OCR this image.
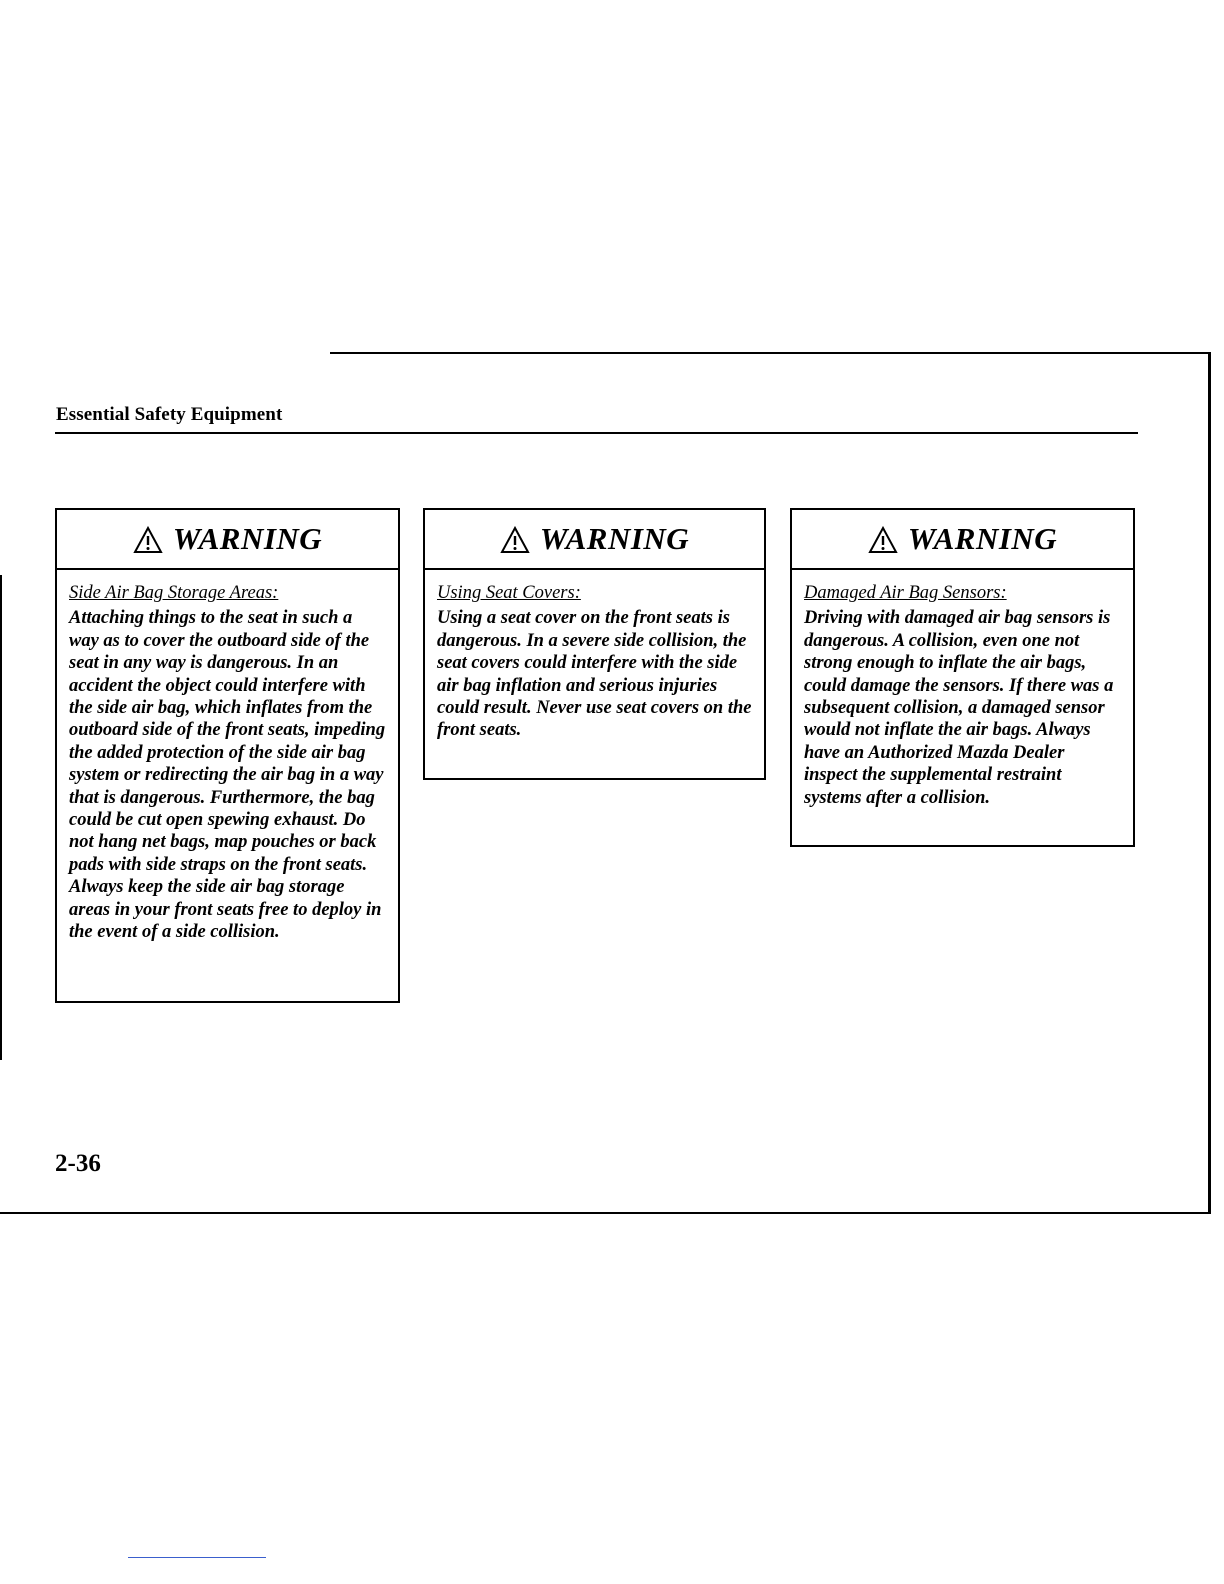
Essential Safety Equipment
WARNING
Side Air Bag Storage Areas:
Attaching things to the seat in such a way as to cover the outboard side of the seat in any way is dangerous. In an accident the object could interfere with the side air bag, which inflates from the outboard side of the front seats, impeding the added protection of the side air bag system or redirecting the air bag in a way that is dangerous. Furthermore, the bag could be cut open spewing exhaust. Do not hang net bags, map pouches or back pads with side straps on the front seats. Always keep the side air bag storage areas in your front seats free to deploy in the event of a side collision.
WARNING
Using Seat Covers:
Using a seat cover on the front seats is dangerous. In a severe side collision, the seat covers could interfere with the side air bag inflation and serious injuries could result. Never use seat covers on the front seats.
WARNING
Damaged Air Bag Sensors:
Driving with damaged air bag sensors is dangerous. A collision, even one not strong enough to inflate the air bags, could damage the sensors. If there was a subsequent collision, a damaged sensor would not inflate the air bags. Always have an Authorized Mazda Dealer inspect the supplemental restraint systems after a collision.
2-36
